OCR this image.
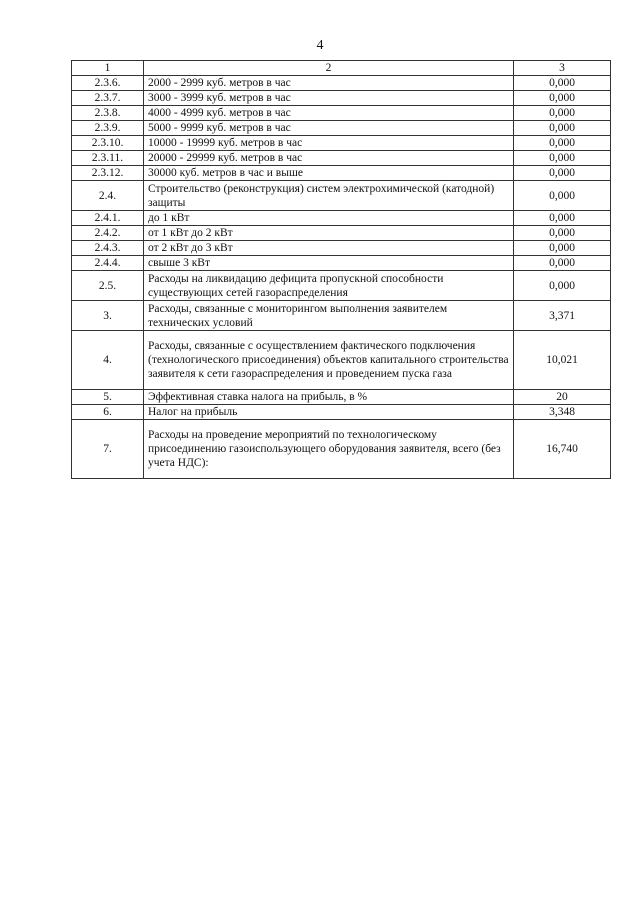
4
1	2	3
2.3.6.	2000 - 2999 куб. метров в час	0,000
2.3.7.	3000 - 3999 куб. метров в час	0,000
2.3.8.	4000 - 4999 куб. метров в час	0,000
2.3.9.	5000 - 9999 куб. метров в час	0,000
2.3.10.	10000 - 19999 куб. метров в час	0,000
2.3.11.	20000 - 29999 куб. метров в час	0,000
2.3.12.	30000 куб. метров в час и выше	0,000
2.4.	Строительство (реконструкция) систем электрохимической (катодной) защиты	0,000
2.4.1.	до 1 кВт	0,000
2.4.2.	от 1 кВт до 2 кВт	0,000
2.4.3.	от 2 кВт до 3 кВт	0,000
2.4.4.	свыше 3 кВт	0,000
2.5.	Расходы на ликвидацию дефицита пропускной способности существующих сетей газораспределения	0,000
3.	Расходы, связанные с мониторингом выполнения заявителем технических условий	3,371
4.	Расходы, связанные с осуществлением фактического подключения (технологического присоединения) объектов капитального строительства заявителя к сети газораспределения и проведением пуска газа	10,021
5.	Эффективная ставка налога на прибыль, в %	20
6.	Налог на прибыль	3,348
7.	Расходы на проведение мероприятий по технологическому присоединению газоиспользующего оборудования заявителя, всего (без учета НДС):	16,740
